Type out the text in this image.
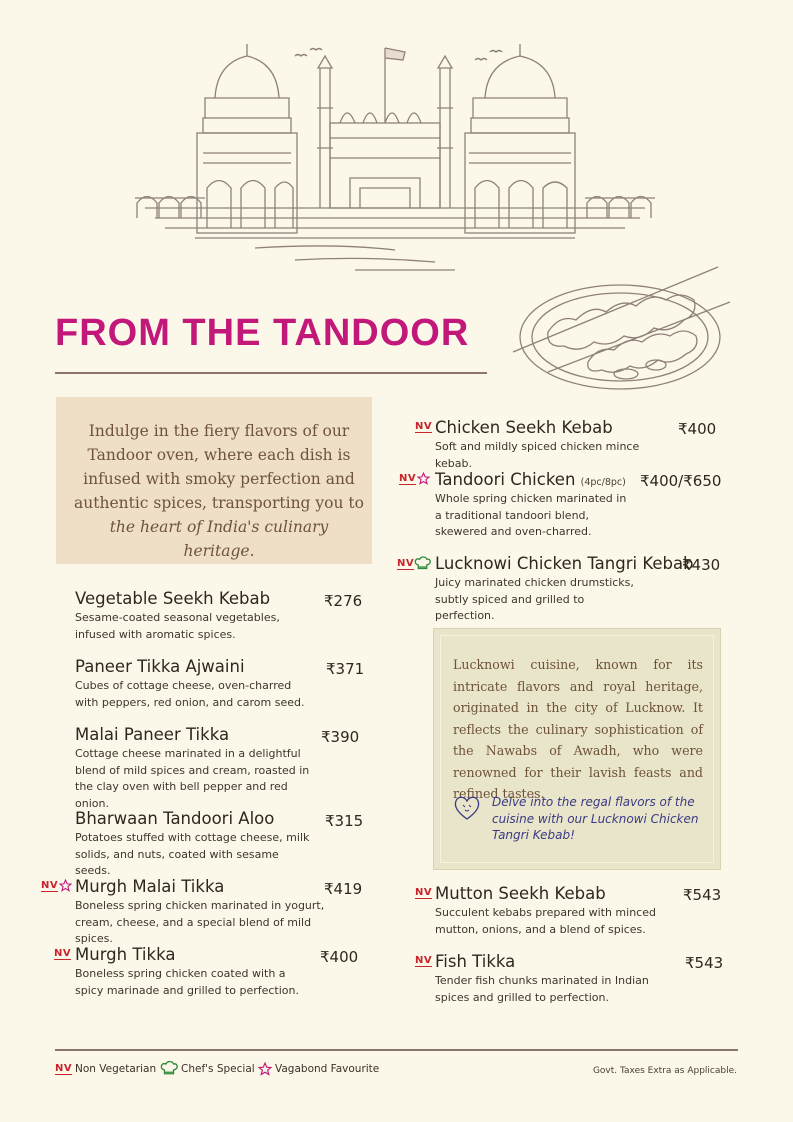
FROM THE TANDOOR
Indulge in the fiery flavors of our Tandoor oven, where each dish is infused with smoky perfection and authentic spices, transporting you to the heart of India's culinary heritage.
Vegetable Seekh Kebab
Sesame-coated seasonal vegetables, infused with aromatic spices.
₹276
Paneer Tikka Ajwaini
Cubes of cottage cheese, oven-charred with peppers, red onion, and carom seed.
₹371
Malai Paneer Tikka
Cottage cheese marinated in a delightful blend of mild spices and cream, roasted in the clay oven with bell pepper and red onion.
₹390
Bharwaan Tandoori Aloo
Potatoes stuffed with cottage cheese, milk solids, and nuts, coated with sesame seeds.
₹315
NV Murgh Malai Tikka
Boneless spring chicken marinated in yogurt, cream, cheese, and a special blend of mild spices.
₹419
NV Murgh Tikka
Boneless spring chicken coated with a spicy marinade and grilled to perfection.
₹400
NV Chicken Seekh Kebab
Soft and mildly spiced chicken mince kebab.
₹400
NV Tandoori Chicken (4pc/8pc)
Whole spring chicken marinated in a traditional tandoori blend, skewered and oven-charred.
₹400/₹650
NV Lucknowi Chicken Tangri Kebab
Juicy marinated chicken drumsticks, subtly spiced and grilled to perfection.
₹430
Lucknowi cuisine, known for its intricate flavors and royal heritage, originated in the city of Lucknow. It reflects the culinary sophistication of the Nawabs of Awadh, who were renowned for their lavish feasts and refined tastes.
Delve into the regal flavors of the cuisine with our Lucknowi Chicken Tangri Kebab!
NV Mutton Seekh Kebab
Succulent kebabs prepared with minced mutton, onions, and a blend of spices.
₹543
NV Fish Tikka
Tender fish chunks marinated in Indian spices and grilled to perfection.
₹543
NV Non Vegetarian Chef's Special Vagabond Favourite	Govt. Taxes Extra as Applicable.
